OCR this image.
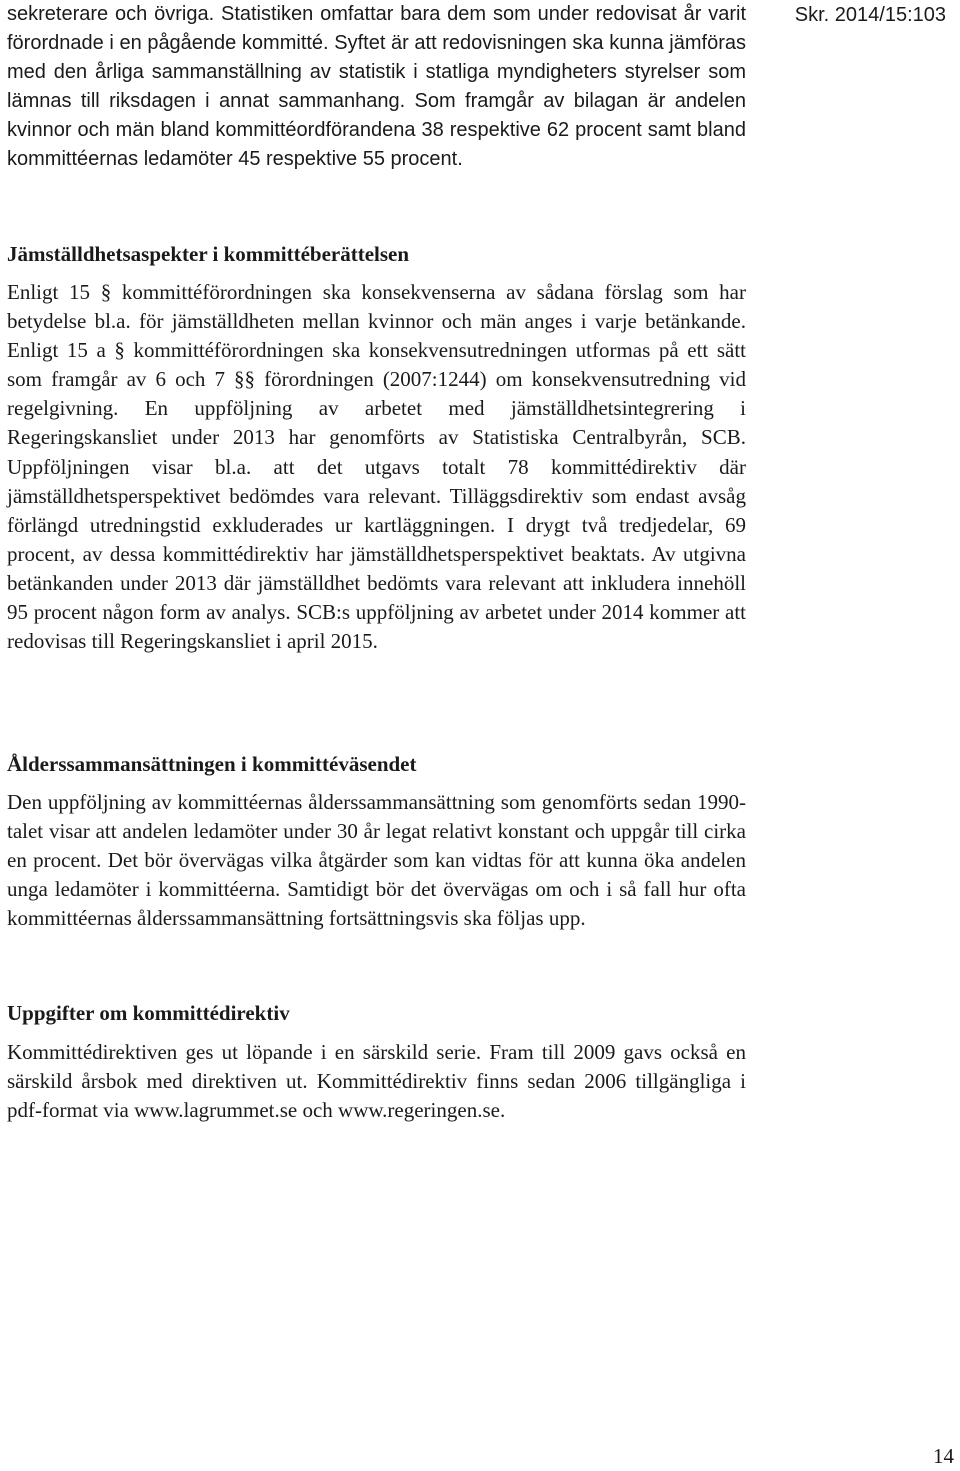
Skr. 2014/15:103

sekreterare och övriga. Statistiken omfattar bara dem som under redovisat år varit förordnade i en pågående kommitté. Syftet är att redovisningen ska kunna jämföras med den årliga sammanställning av statistik i statliga myndigheters styrelser som lämnas till riksdagen i annat sammanhang. Som framgår av bilagan är andelen kvinnor och män bland kommittéordförandena 38 respektive 62 procent samt bland kommittéernas ledamöter 45 respektive 55 procent.

Jämställdhetsaspekter i kommittéberättelsen

Enligt 15 § kommittéförordningen ska konsekvenserna av sådana förslag som har betydelse bl.a. för jämställdheten mellan kvinnor och män anges i varje betänkande. Enligt 15 a § kommittéförordningen ska konsekvensutredningen utformas på ett sätt som framgår av 6 och 7 §§ förordningen (2007:1244) om konsekvensutredning vid regelgivning. En uppföljning av arbetet med jämställdhetsintegrering i Regeringskansliet under 2013 har genomförts av Statistiska Centralbyrån, SCB. Uppföljningen visar bl.a. att det utgavs totalt 78 kommittédirektiv där jämställdhetsperspektivet bedömdes vara relevant. Tilläggsdirektiv som endast avsåg förlängd utredningstid exkluderades ur kartläggningen. I drygt två tredjedelar, 69 procent, av dessa kommittédirektiv har jämställdhetsperspektivet beaktats. Av utgivna betänkanden under 2013 där jämställdhet bedömts vara relevant att inkludera innehöll 95 procent någon form av analys. SCB:s uppföljning av arbetet under 2014 kommer att redovisas till Regeringskansliet i april 2015.

Ålderssammansättningen i kommittéväsendet

Den uppföljning av kommittéernas ålderssammansättning som genomförts sedan 1990-talet visar att andelen ledamöter under 30 år legat relativt konstant och uppgår till cirka en procent. Det bör övervägas vilka åtgärder som kan vidtas för att kunna öka andelen unga ledamöter i kommittéerna. Samtidigt bör det övervägas om och i så fall hur ofta kommittéernas ålderssammansättning fortsättningsvis ska följas upp.

Uppgifter om kommittédirektiv

Kommittédirektiven ges ut löpande i en särskild serie. Fram till 2009 gavs också en särskild årsbok med direktiven ut. Kommittédirektiv finns sedan 2006 tillgängliga i pdf-format via www.lagrummet.se och www.regeringen.se.

14
